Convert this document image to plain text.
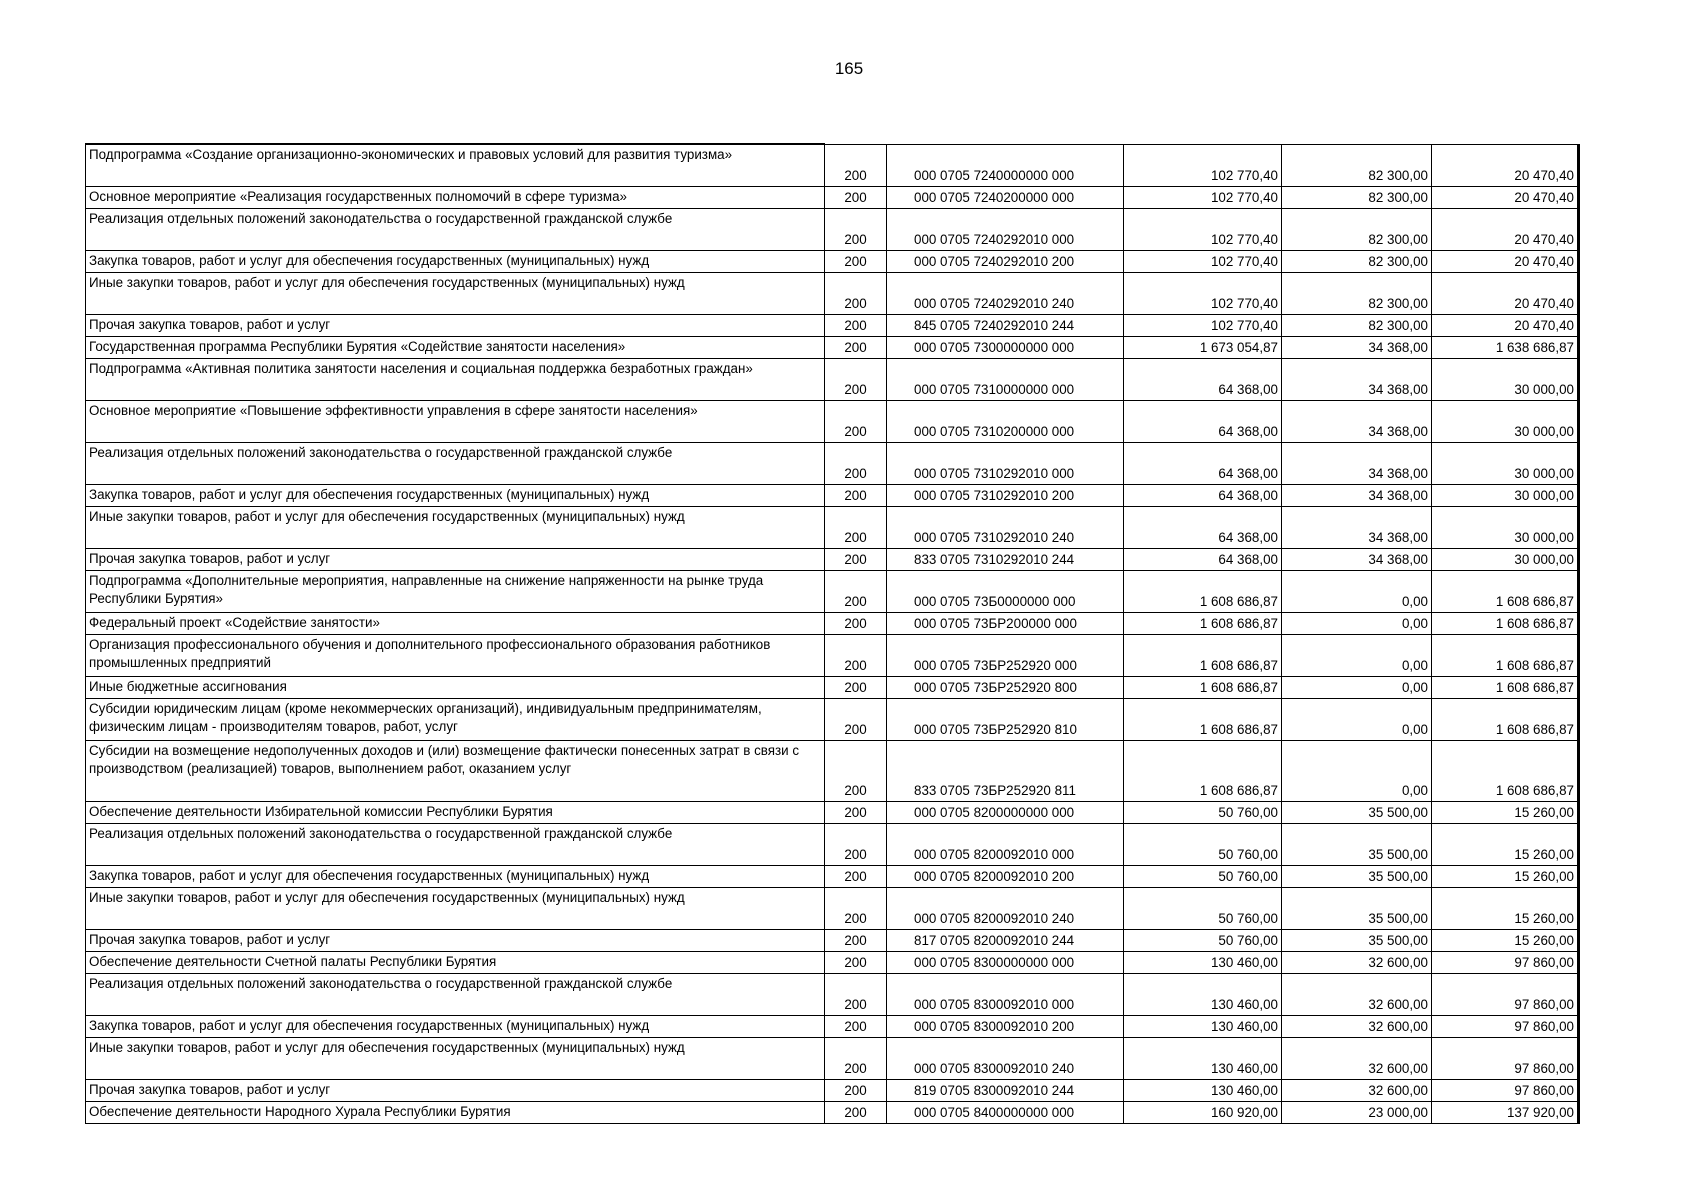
165
Подпрограмма «Создание организационно-экономических и правовых условий для развития туризма»	200	000 0705 7240000000 000	102 770,40	82 300,00	20 470,40
Основное мероприятие «Реализация государственных полномочий в сфере туризма»	200	000 0705 7240200000 000	102 770,40	82 300,00	20 470,40
Реализация отдельных положений законодательства о государственной гражданской службе	200	000 0705 7240292010 000	102 770,40	82 300,00	20 470,40
Закупка товаров, работ и услуг для обеспечения государственных (муниципальных) нужд	200	000 0705 7240292010 200	102 770,40	82 300,00	20 470,40
Иные закупки товаров, работ и услуг для обеспечения государственных (муниципальных) нужд	200	000 0705 7240292010 240	102 770,40	82 300,00	20 470,40
Прочая закупка товаров, работ и услуг	200	845 0705 7240292010 244	102 770,40	82 300,00	20 470,40
Государственная программа Республики Бурятия «Содействие занятости населения»	200	000 0705 7300000000 000	1 673 054,87	34 368,00	1 638 686,87
Подпрограмма «Активная политика занятости населения и социальная поддержка безработных граждан»	200	000 0705 7310000000 000	64 368,00	34 368,00	30 000,00
Основное мероприятие «Повышение эффективности управления в сфере занятости населения»	200	000 0705 7310200000 000	64 368,00	34 368,00	30 000,00
Реализация отдельных положений законодательства о государственной гражданской службе	200	000 0705 7310292010 000	64 368,00	34 368,00	30 000,00
Закупка товаров, работ и услуг для обеспечения государственных (муниципальных) нужд	200	000 0705 7310292010 200	64 368,00	34 368,00	30 000,00
Иные закупки товаров, работ и услуг для обеспечения государственных (муниципальных) нужд	200	000 0705 7310292010 240	64 368,00	34 368,00	30 000,00
Прочая закупка товаров, работ и услуг	200	833 0705 7310292010 244	64 368,00	34 368,00	30 000,00
Подпрограмма «Дополнительные мероприятия, направленные на снижение напряженности на рынке труда Республики Бурятия»	200	000 0705 73Б0000000 000	1 608 686,87	0,00	1 608 686,87
Федеральный проект «Содействие занятости»	200	000 0705 73БР200000 000	1 608 686,87	0,00	1 608 686,87
Организация профессионального обучения и дополнительного профессионального образования работников промышленных предприятий	200	000 0705 73БР252920 000	1 608 686,87	0,00	1 608 686,87
Иные бюджетные ассигнования	200	000 0705 73БР252920 800	1 608 686,87	0,00	1 608 686,87
Субсидии юридическим лицам (кроме некоммерческих организаций), индивидуальным предпринимателям, физическим лицам - производителям товаров, работ, услуг	200	000 0705 73БР252920 810	1 608 686,87	0,00	1 608 686,87
Субсидии на возмещение недополученных доходов и (или) возмещение фактически понесенных затрат в связи с производством (реализацией) товаров, выполнением работ, оказанием услуг	200	833 0705 73БР252920 811	1 608 686,87	0,00	1 608 686,87
Обеспечение деятельности Избирательной комиссии Республики Бурятия	200	000 0705 8200000000 000	50 760,00	35 500,00	15 260,00
Реализация отдельных положений законодательства о государственной гражданской службе	200	000 0705 8200092010 000	50 760,00	35 500,00	15 260,00
Закупка товаров, работ и услуг для обеспечения государственных (муниципальных) нужд	200	000 0705 8200092010 200	50 760,00	35 500,00	15 260,00
Иные закупки товаров, работ и услуг для обеспечения государственных (муниципальных) нужд	200	000 0705 8200092010 240	50 760,00	35 500,00	15 260,00
Прочая закупка товаров, работ и услуг	200	817 0705 8200092010 244	50 760,00	35 500,00	15 260,00
Обеспечение деятельности Счетной палаты Республики Бурятия	200	000 0705 8300000000 000	130 460,00	32 600,00	97 860,00
Реализация отдельных положений законодательства о государственной гражданской службе	200	000 0705 8300092010 000	130 460,00	32 600,00	97 860,00
Закупка товаров, работ и услуг для обеспечения государственных (муниципальных) нужд	200	000 0705 8300092010 200	130 460,00	32 600,00	97 860,00
Иные закупки товаров, работ и услуг для обеспечения государственных (муниципальных) нужд	200	000 0705 8300092010 240	130 460,00	32 600,00	97 860,00
Прочая закупка товаров, работ и услуг	200	819 0705 8300092010 244	130 460,00	32 600,00	97 860,00
Обеспечение деятельности Народного Хурала Республики Бурятия	200	000 0705 8400000000 000	160 920,00	23 000,00	137 920,00
